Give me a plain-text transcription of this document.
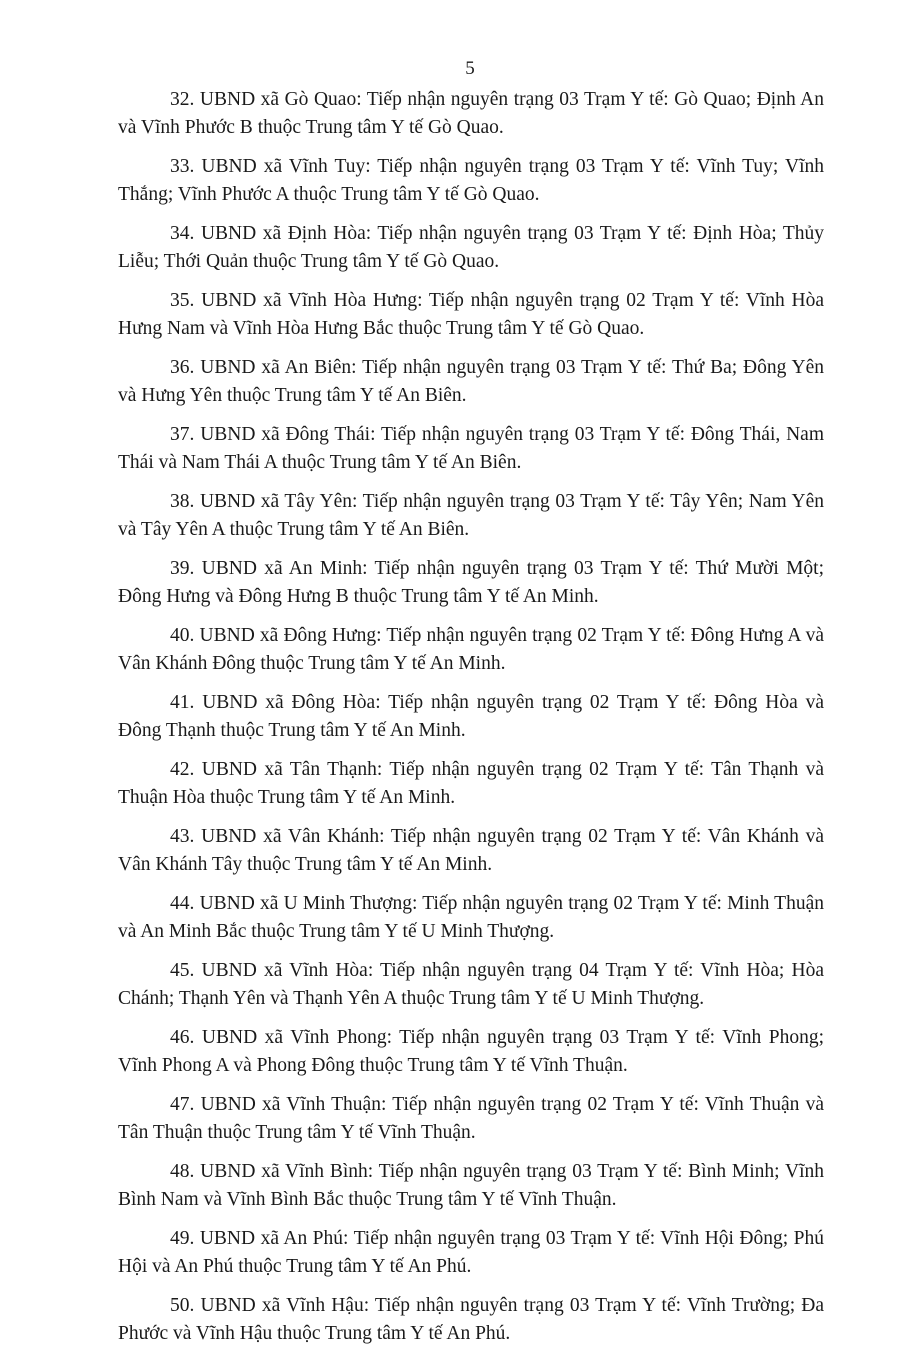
5

32. UBND xã Gò Quao: Tiếp nhận nguyên trạng 03 Trạm Y tế: Gò Quao; Định An và Vĩnh Phước B thuộc Trung tâm Y tế Gò Quao.

33. UBND xã Vĩnh Tuy: Tiếp nhận nguyên trạng 03 Trạm Y tế: Vĩnh Tuy; Vĩnh Thắng; Vĩnh Phước A thuộc Trung tâm Y tế Gò Quao.

34. UBND xã Định Hòa: Tiếp nhận nguyên trạng 03 Trạm Y tế: Định Hòa; Thủy Liễu; Thới Quản thuộc Trung tâm Y tế Gò Quao.

35. UBND xã Vĩnh Hòa Hưng: Tiếp nhận nguyên trạng 02 Trạm Y tế: Vĩnh Hòa Hưng Nam và Vĩnh Hòa Hưng Bắc thuộc Trung tâm Y tế Gò Quao.

36. UBND xã An Biên: Tiếp nhận nguyên trạng 03 Trạm Y tế: Thứ Ba; Đông Yên và Hưng Yên thuộc Trung tâm Y tế An Biên.

37. UBND xã Đông Thái: Tiếp nhận nguyên trạng 03 Trạm Y tế: Đông Thái, Nam Thái và Nam Thái A thuộc Trung tâm Y tế An Biên.

38. UBND xã Tây Yên: Tiếp nhận nguyên trạng 03 Trạm Y tế: Tây Yên; Nam Yên và Tây Yên A thuộc Trung tâm Y tế An Biên.

39. UBND xã An Minh: Tiếp nhận nguyên trạng 03 Trạm Y tế: Thứ Mười Một; Đông Hưng và Đông Hưng B thuộc Trung tâm Y tế An Minh.

40. UBND xã Đông Hưng: Tiếp nhận nguyên trạng 02 Trạm Y tế: Đông Hưng A và Vân Khánh Đông thuộc Trung tâm Y tế An Minh.

41. UBND xã Đông Hòa: Tiếp nhận nguyên trạng 02 Trạm Y tế: Đông Hòa và Đông Thạnh thuộc Trung tâm Y tế An Minh.

42. UBND xã Tân Thạnh: Tiếp nhận nguyên trạng 02 Trạm Y tế: Tân Thạnh và Thuận Hòa thuộc Trung tâm Y tế An Minh.

43. UBND xã Vân Khánh: Tiếp nhận nguyên trạng 02 Trạm Y tế: Vân Khánh và Vân Khánh Tây thuộc Trung tâm Y tế An Minh.

44. UBND xã U Minh Thượng: Tiếp nhận nguyên trạng 02 Trạm Y tế: Minh Thuận và An Minh Bắc thuộc Trung tâm Y tế U Minh Thượng.

45. UBND xã Vĩnh Hòa: Tiếp nhận nguyên trạng 04 Trạm Y tế: Vĩnh Hòa; Hòa Chánh; Thạnh Yên và Thạnh Yên A thuộc Trung tâm Y tế U Minh Thượng.

46. UBND xã Vĩnh Phong: Tiếp nhận nguyên trạng 03 Trạm Y tế: Vĩnh Phong; Vĩnh Phong A và Phong Đông thuộc Trung tâm Y tế Vĩnh Thuận.

47. UBND xã Vĩnh Thuận: Tiếp nhận nguyên trạng 02 Trạm Y tế: Vĩnh Thuận và Tân Thuận thuộc Trung tâm Y tế Vĩnh Thuận.

48. UBND xã Vĩnh Bình: Tiếp nhận nguyên trạng 03 Trạm Y tế: Bình Minh; Vĩnh Bình Nam và Vĩnh Bình Bắc thuộc Trung tâm Y tế Vĩnh Thuận.

49. UBND xã An Phú: Tiếp nhận nguyên trạng 03 Trạm Y tế: Vĩnh Hội Đông; Phú Hội và An Phú thuộc Trung tâm Y tế An Phú.

50. UBND xã Vĩnh Hậu: Tiếp nhận nguyên trạng 03 Trạm Y tế: Vĩnh Trường; Đa Phước và Vĩnh Hậu thuộc Trung tâm Y tế An Phú.
